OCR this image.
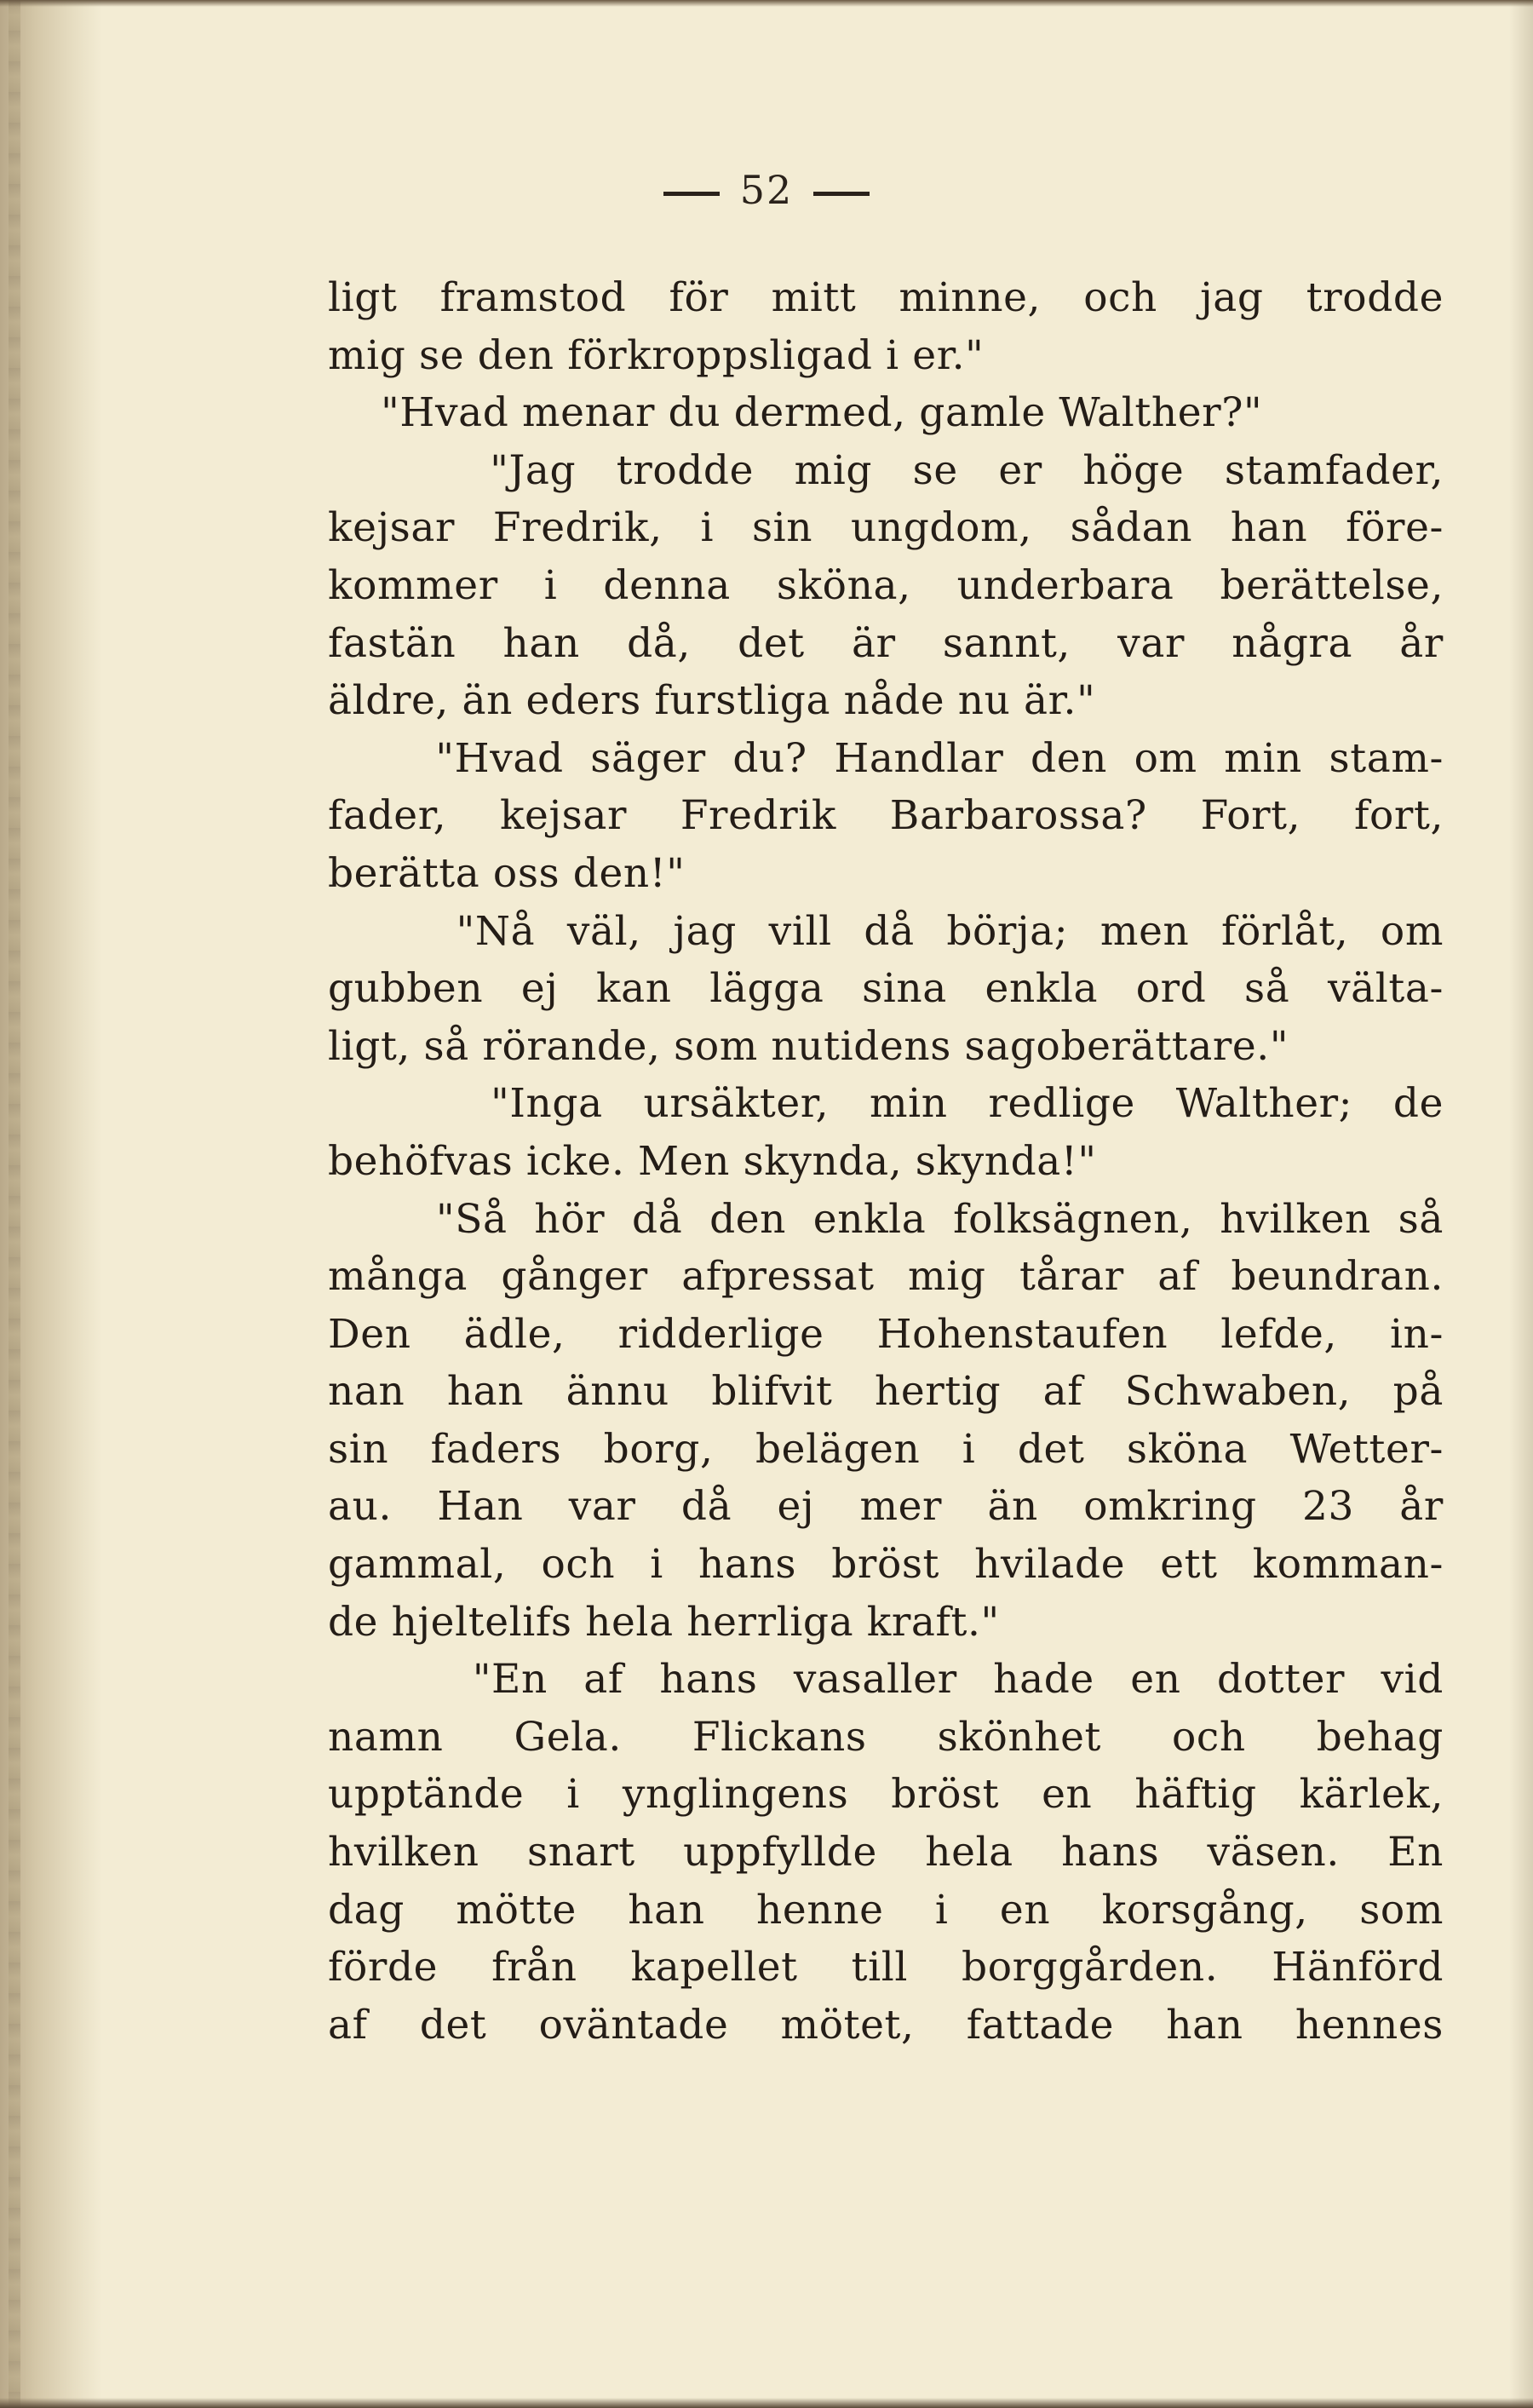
52
ligt framstod för mitt minne, och jag trodde
mig se den förkroppsligad i er."
"Hvad menar du dermed, gamle Walther?"
"Jag trodde mig se er höge stamfader,
kejsar Fredrik, i sin ungdom, sådan han före-
kommer i denna sköna, underbara berättelse,
fastän han då, det är sannt, var några år
äldre, än eders furstliga nåde nu är."
"Hvad säger du? Handlar den om min stam-
fader, kejsar Fredrik Barbarossa? Fort, fort,
berätta oss den!"
"Nå väl, jag vill då börja; men förlåt, om
gubben ej kan lägga sina enkla ord så välta-
ligt, så rörande, som nutidens sagoberättare."
"Inga ursäkter, min redlige Walther; de
behöfvas icke. Men skynda, skynda!"
"Så hör då den enkla folksägnen, hvilken så
många gånger afpressat mig tårar af beundran.
Den ädle, ridderlige Hohenstaufen lefde, in-
nan han ännu blifvit hertig af Schwaben, på
sin faders borg, belägen i det sköna Wetter-
au. Han var då ej mer än omkring 23 år
gammal, och i hans bröst hvilade ett komman-
de hjeltelifs hela herrliga kraft."
"En af hans vasaller hade en dotter vid
namn Gela. Flickans skönhet och behag
upptände i ynglingens bröst en häftig kärlek,
hvilken snart uppfyllde hela hans väsen. En
dag mötte han henne i en korsgång, som
förde från kapellet till borggården. Hänförd
af det oväntade mötet, fattade han hennes
